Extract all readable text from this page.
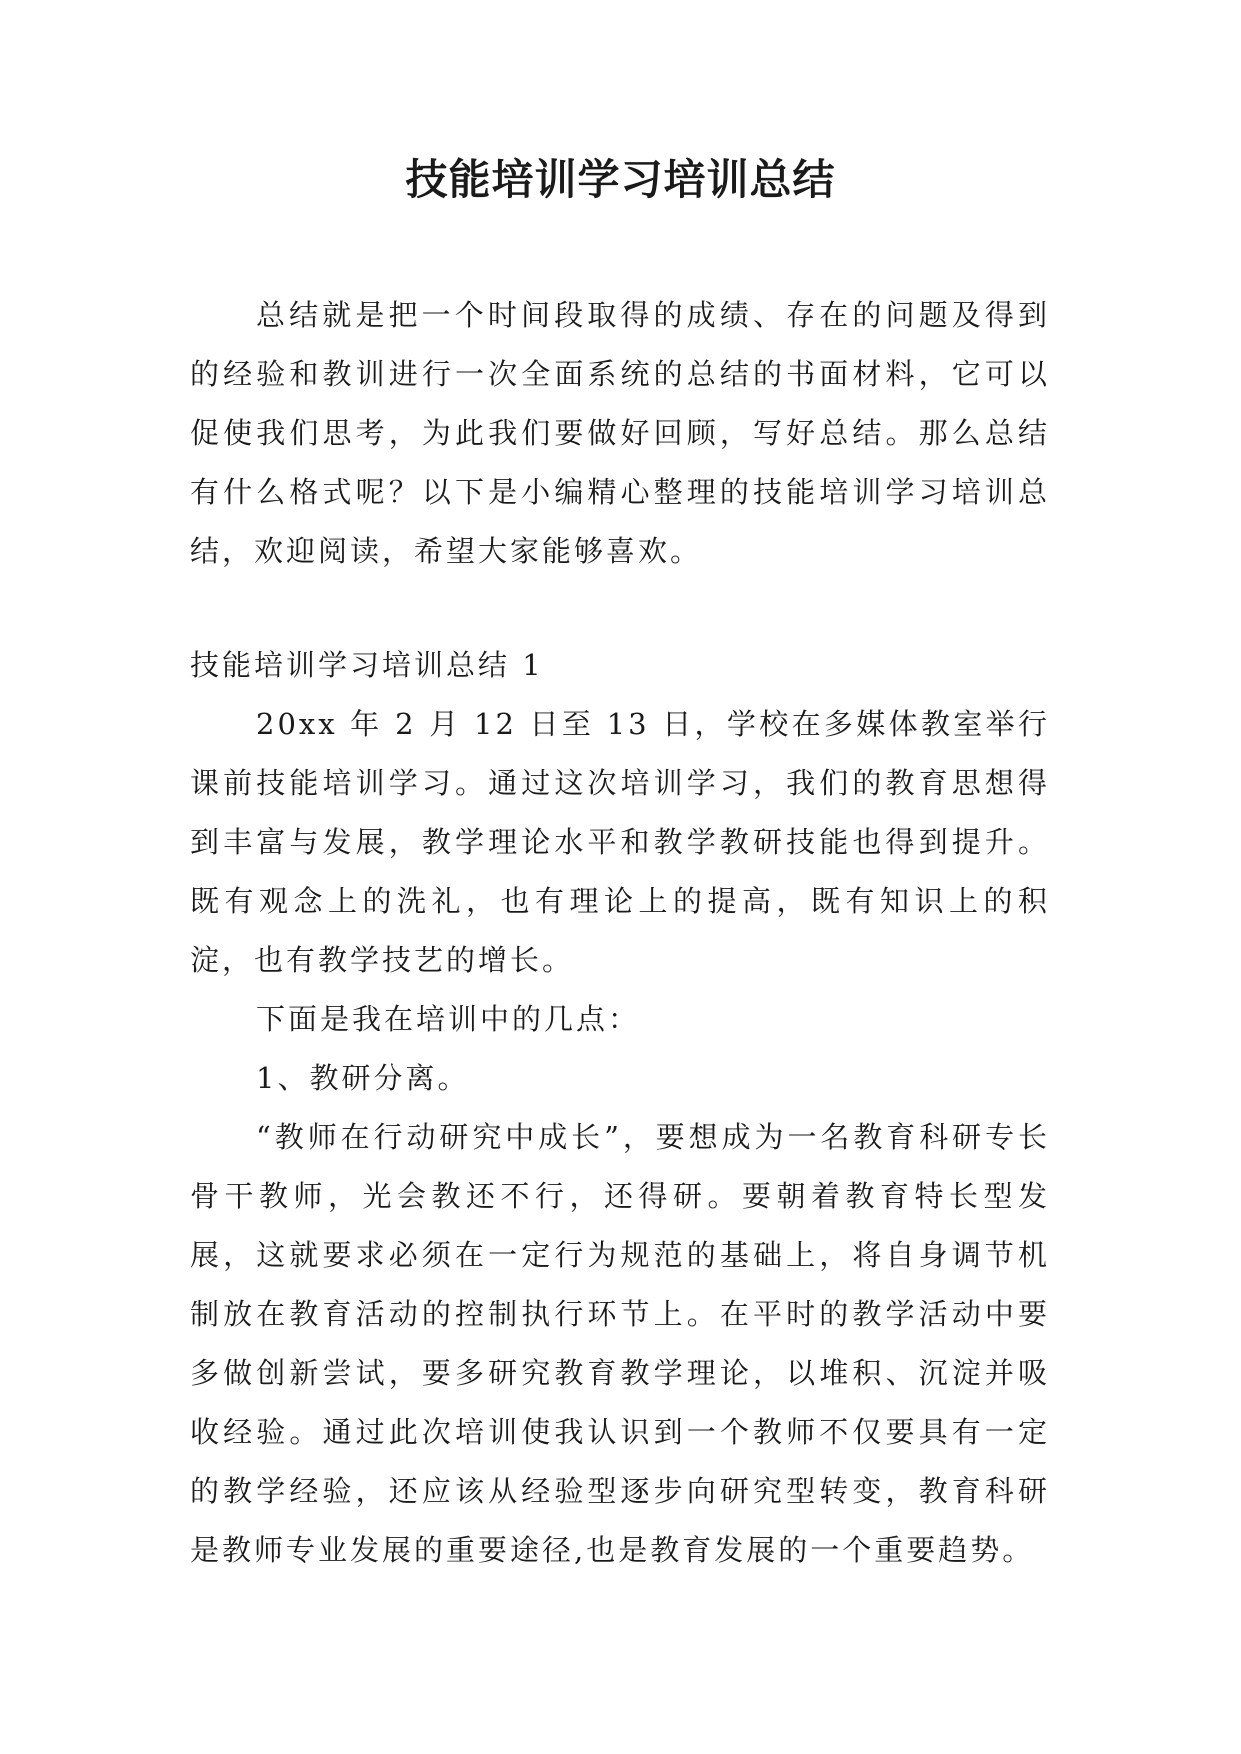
技能培训学习培训总结

总结就是把一个时间段取得的成绩、存在的问题及得到的经验和教训进行一次全面系统的总结的书面材料，它可以促使我们思考，为此我们要做好回顾，写好总结。那么总结有什么格式呢？以下是小编精心整理的技能培训学习培训总结，欢迎阅读，希望大家能够喜欢。

技能培训学习培训总结 1

20xx 年 2 月 12 日至 13 日，学校在多媒体教室举行课前技能培训学习。通过这次培训学习，我们的教育思想得到丰富与发展，教学理论水平和教学教研技能也得到提升。既有观念上的洗礼，也有理论上的提高，既有知识上的积淀，也有教学技艺的增长。

下面是我在培训中的几点：

1、教研分离。

“教师在行动研究中成长”，要想成为一名教育科研专长骨干教师，光会教还不行，还得研。要朝着教育特长型发展，这就要求必须在一定行为规范的基础上，将自身调节机制放在教育活动的控制执行环节上。在平时的教学活动中要多做创新尝试，要多研究教育教学理论，以堆积、沉淀并吸收经验。通过此次培训使我认识到一个教师不仅要具有一定的教学经验，还应该从经验型逐步向研究型转变，教育科研是教师专业发展的重要途径,也是教育发展的一个重要趋势。
